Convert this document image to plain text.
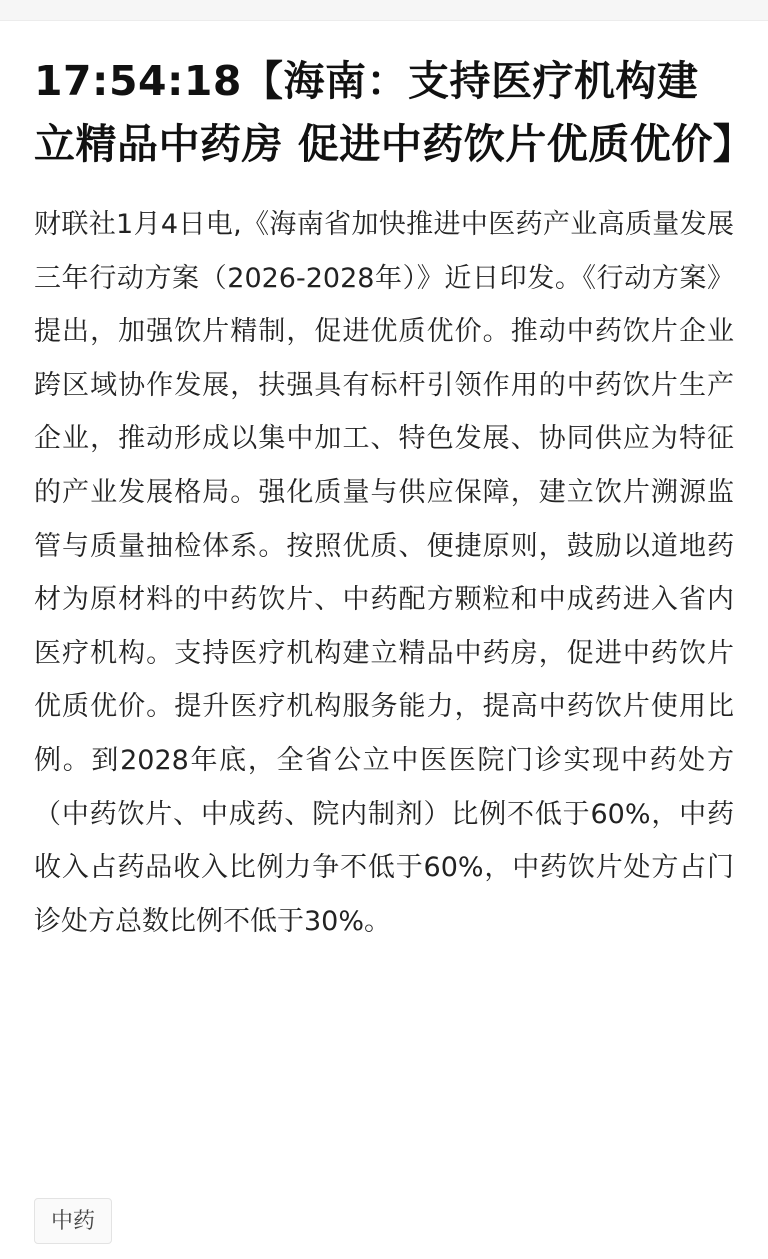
17:54:18【海南：支持医疗机构建立精品中药房 促进中药饮片优质优价】

财联社1月4日电,《海南省加快推进中医药产业高质量发展三年行动方案（2026-2028年）》近日印发。《行动方案》提出，加强饮片精制，促进优质优价。推动中药饮片企业跨区域协作发展，扶强具有标杆引领作用的中药饮片生产企业，推动形成以集中加工、特色发展、协同供应为特征的产业发展格局。强化质量与供应保障，建立饮片溯源监管与质量抽检体系。按照优质、便捷原则，鼓励以道地药材为原材料的中药饮片、中药配方颗粒和中成药进入省内医疗机构。支持医疗机构建立精品中药房，促进中药饮片优质优价。提升医疗机构服务能力，提高中药饮片使用比例。到2028年底，全省公立中医医院门诊实现中药处方（中药饮片、中成药、院内制剂）比例不低于60%，中药收入占药品收入比例力争不低于60%，中药饮片处方占门诊处方总数比例不低于30%。

中药
